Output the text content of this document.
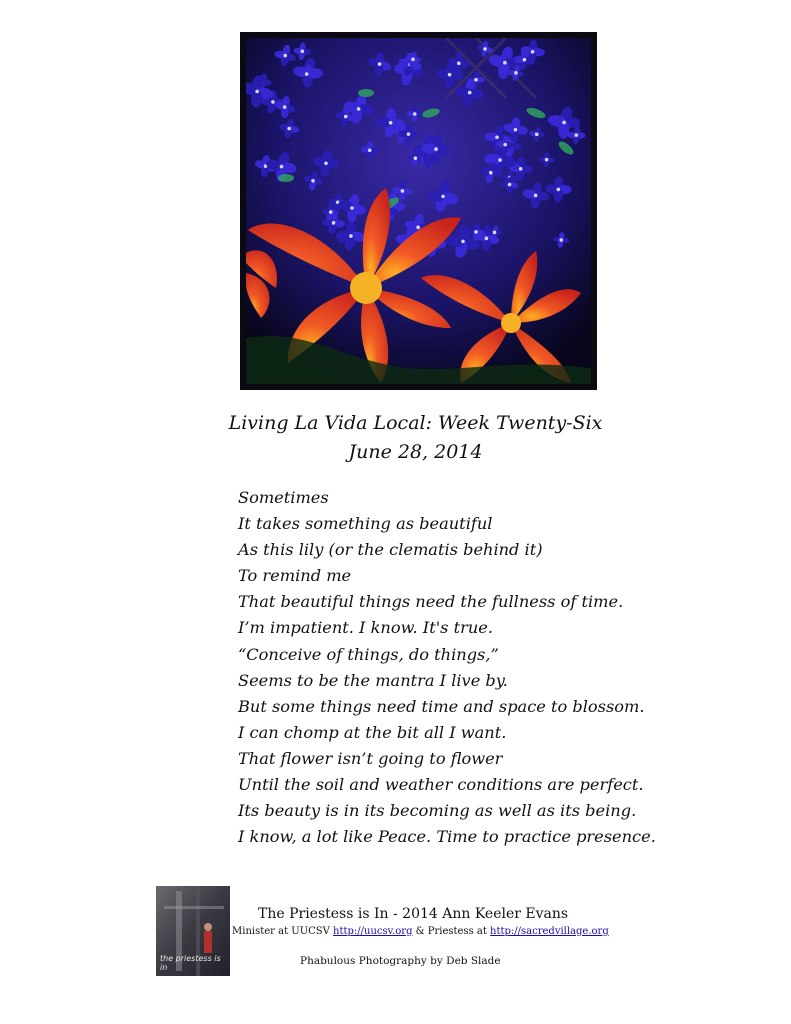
Living La Vida Local: Week Twenty-Six
June 28, 2014
Sometimes
It takes something as beautiful
As this lily (or the clematis behind it)
To remind me
That beautiful things need the fullness of time.
I’m impatient. I know. It's true.
“Conceive of things, do things,”
Seems to be the mantra I live by.
But some things need time and space to blossom.
I can chomp at the bit all I want.
That flower isn’t going to flower
Until the soil and weather conditions are perfect.
Its beauty is in its becoming as well as its being.
I know, a lot like Peace. Time to practice presence.
the priestess is in
The Priestess is In - 2014 Ann Keeler Evans
Minister at UUCSV http://uucsv.org & Priestess at http://sacredvillage.org
Phabulous Photography by Deb Slade
